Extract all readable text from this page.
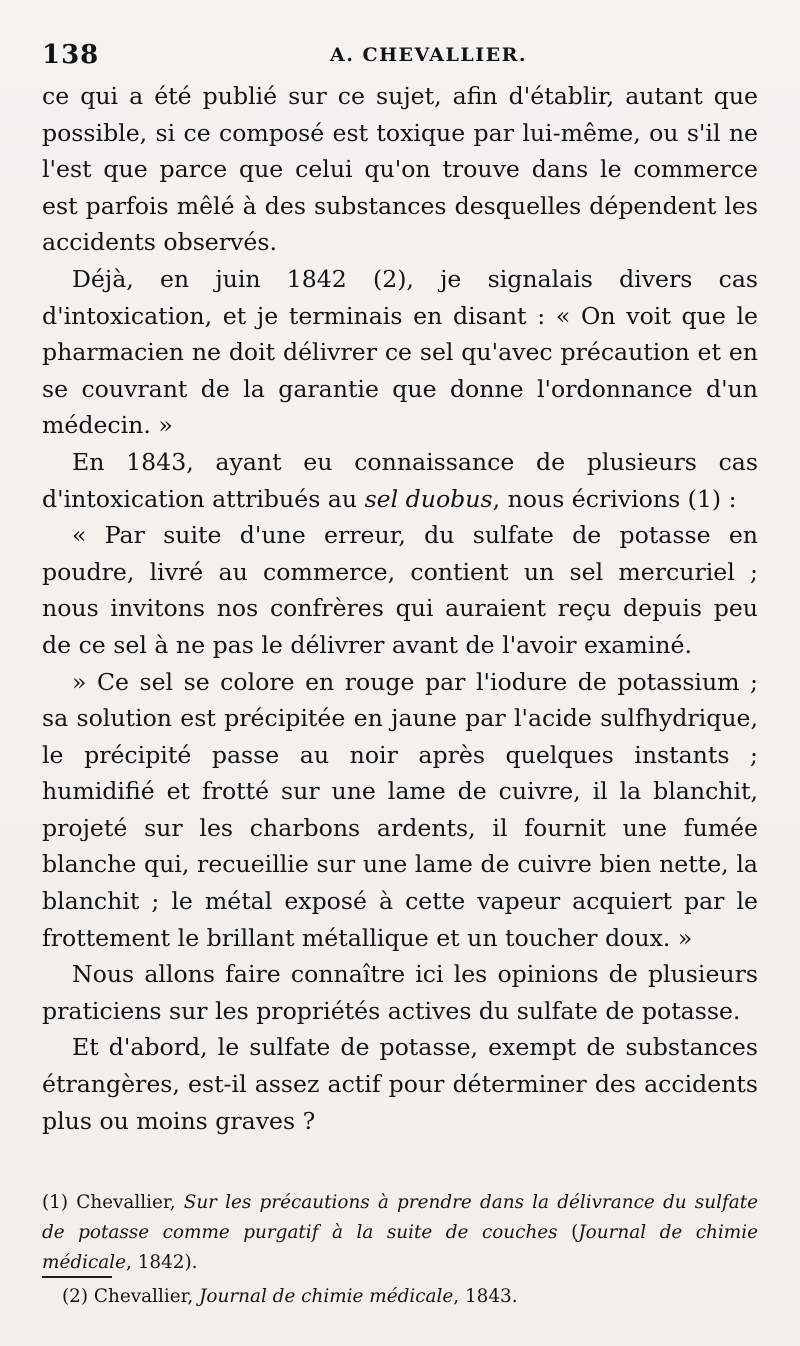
138	A. CHEVALLIER.

ce qui a été publié sur ce sujet, afin d'établir, autant que possible, si ce composé est toxique par lui-même, ou s'il ne l'est que parce que celui qu'on trouve dans le commerce est parfois mêlé à des substances desquelles dépendent les accidents observés.

Déjà, en juin 1842 (2), je signalais divers cas d'intoxication, et je terminais en disant : « On voit que le pharmacien ne doit délivrer ce sel qu'avec précaution et en se couvrant de la garantie que donne l'ordonnance d'un médecin. »

En 1843, ayant eu connaissance de plusieurs cas d'intoxication attribués au sel duobus, nous écrivions (1) :

« Par suite d'une erreur, du sulfate de potasse en poudre, livré au commerce, contient un sel mercuriel ; nous invitons nos confrères qui auraient reçu depuis peu de ce sel à ne pas le délivrer avant de l'avoir examiné.

» Ce sel se colore en rouge par l'iodure de potassium ; sa solution est précipitée en jaune par l'acide sulfhydrique, le précipité passe au noir après quelques instants ; humidifié et frotté sur une lame de cuivre, il la blanchit, projeté sur les charbons ardents, il fournit une fumée blanche qui, recueillie sur une lame de cuivre bien nette, la blanchit ; le métal exposé à cette vapeur acquiert par le frottement le brillant métallique et un toucher doux. »

Nous allons faire connaître ici les opinions de plusieurs praticiens sur les propriétés actives du sulfate de potasse.

Et d'abord, le sulfate de potasse, exempt de substances étrangères, est-il assez actif pour déterminer des accidents plus ou moins graves ?

(1) Chevallier, Sur les précautions à prendre dans la délivrance du sulfate de potasse comme purgatif à la suite de couches (Journal de chimie médicale, 1842).

(2) Chevallier, Journal de chimie médicale, 1843.
